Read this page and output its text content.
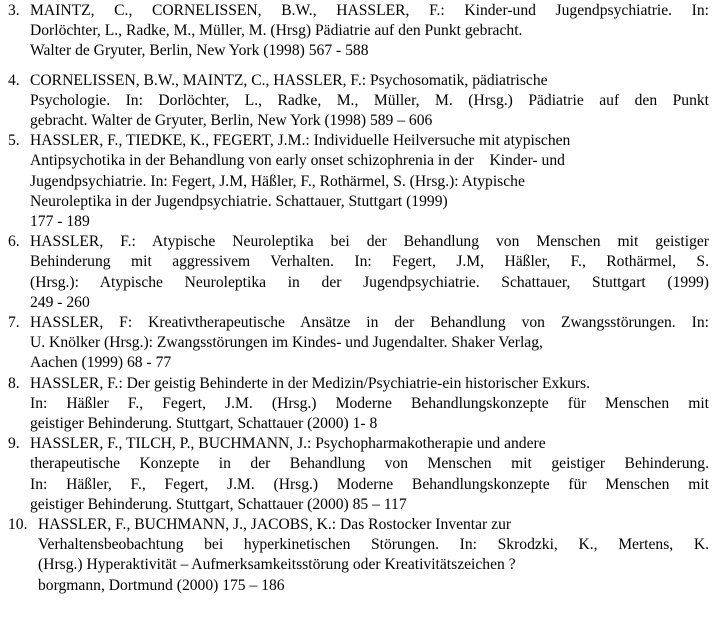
3. MAINTZ, C., CORNELISSEN, B.W., HASSLER, F.: Kinder-und Jugendpsychiatrie. In:
Dorlöchter, L., Radke, M., Müller, M. (Hrsg) Pädiatrie auf den Punkt gebracht.
Walter de Gryuter, Berlin, New York (1998) 567 - 588
4. CORNELISSEN, B.W., MAINTZ, C., HASSLER, F.: Psychosomatik, pädiatrische
Psychologie. In: Dorlöchter, L., Radke, M., Müller, M. (Hrsg.) Pädiatrie auf den Punkt
gebracht. Walter de Gryuter, Berlin, New York (1998) 589 – 606
5. HASSLER, F., TIEDKE, K., FEGERT, J.M.: Individuelle Heilversuche mit atypischen
Antipsychotika in der Behandlung von early onset schizophrenia in der    Kinder- und
Jugendpsychiatrie. In: Fegert, J.M, Häßler, F., Rothärmel, S. (Hrsg.): Atypische
Neuroleptika in der Jugendpsychiatrie. Schattauer, Stuttgart (1999)
177 - 189
6. HASSLER, F.: Atypische Neuroleptika bei der Behandlung von Menschen mit geistiger
Behinderung mit aggressivem Verhalten. In: Fegert, J.M, Häßler, F., Rothärmel, S.
(Hrsg.): Atypische Neuroleptika in der Jugendpsychiatrie. Schattauer, Stuttgart (1999)
249 - 260
7. HASSLER, F: Kreativtherapeutische Ansätze in der Behandlung von Zwangsstörungen. In:
U. Knölker (Hrsg.): Zwangsstörungen im Kindes- und Jugendalter. Shaker Verlag,
Aachen (1999) 68 - 77
8. HASSLER, F.: Der geistig Behinderte in der Medizin/Psychiatrie-ein historischer Exkurs.
In: Häßler F., Fegert, J.M. (Hrsg.) Moderne Behandlungskonzepte für Menschen mit
geistiger Behinderung. Stuttgart, Schattauer (2000) 1- 8
9. HASSLER, F., TILCH, P., BUCHMANN, J.: Psychopharmakotherapie und andere
therapeutische Konzepte in der Behandlung von Menschen mit geistiger Behinderung.
In: Häßler, F., Fegert, J.M. (Hrsg.) Moderne Behandlungskonzepte für Menschen mit
geistiger Behinderung. Stuttgart, Schattauer (2000) 85 – 117
10. HASSLER, F., BUCHMANN, J., JACOBS, K.: Das Rostocker Inventar zur
Verhaltensbeobachtung bei hyperkinetischen Störungen. In: Skrodzki, K., Mertens, K.
(Hrsg.) Hyperaktivität – Aufmerksamkeitsstörung oder Kreativitätszeichen ?
borgmann, Dortmund (2000) 175 – 186
